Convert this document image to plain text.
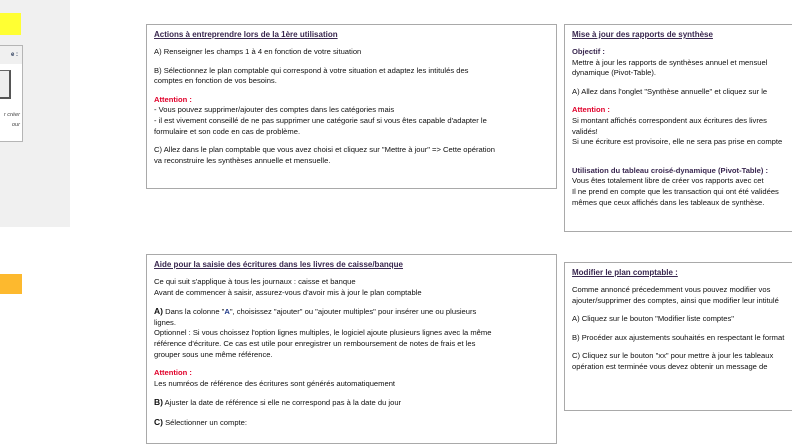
e :
r créer
our
Actions à entreprendre lors de la 1ère utilisation

A) Renseigner les champs 1 à 4 en fonction de votre situation

B) Sélectionnez le plan comptable qui correspond à votre situation et adaptez les intitulés des
comptes en fonction de vos besoins.

Attention :
- Vous pouvez supprimer/ajouter des comptes dans les catégories mais
- il est vivement conseillé de ne pas supprimer une catégorie sauf si vous êtes capable d'adapter le
formulaire et son code en cas de problème.

C) Allez dans le plan comptable que vous avez choisi et cliquez sur "Mettre à jour" => Cette opération
va reconstruire les synthèses annuelle et mensuelle.

Aide pour la saisie des écritures dans les livres de caisse/banque

Ce qui suit s'applique à tous les journaux : caisse et banque
Avant de commencer à saisir, assurez-vous d'avoir mis à jour le plan comptable

A) Dans la colonne "A", choisissez "ajouter" ou "ajouter multiples" pour insérer une ou plusieurs
lignes.
Optionnel : Si vous choissez l'option lignes multiples, le logiciel ajoute plusieurs lignes avec la même
référence d'écriture. Ce cas est utile pour enregistrer un remboursement de notes de frais et les
grouper sous une même référence.

Attention :
Les numréos de référence des écritures sont générés automatiquement

B) Ajuster la date de référence si elle ne correspond pas à la date du jour

C) Sélectionner un compte:

Mise à jour des rapports de synthèse

Objectif :
Mettre à jour les rapports de synthèses annuel et mensuel
dynamique (Pivot-Table).

A) Allez dans l'onglet "Synthèse annuelle" et cliquez sur le

Attention :
Si montant affichés correspondent aux écritures des livres
validés!
Si une écriture est provisoire, elle ne sera pas prise en compte

Utilisation du tableau croisé-dynamique (Pivot-Table) :
Vous êtes totalement libre de créer vos rapports avec cet
Il ne prend en compte que les transaction qui ont été validées
mêmes que ceux affichés dans les tableaux de synthèse.

Modifier le plan comptable :

Comme annoncé précedemment vous pouvez modifier vos
ajouter/supprimer des comptes, ainsi que modifier leur intitulé

A) Cliquez sur le bouton "Modifier liste comptes"

B) Procéder aux ajustements souhaités en respectant le format

C) Cliquez sur le bouton "xx" pour mettre à jour les tableaux
opération est terminée vous devez obtenir un message de
